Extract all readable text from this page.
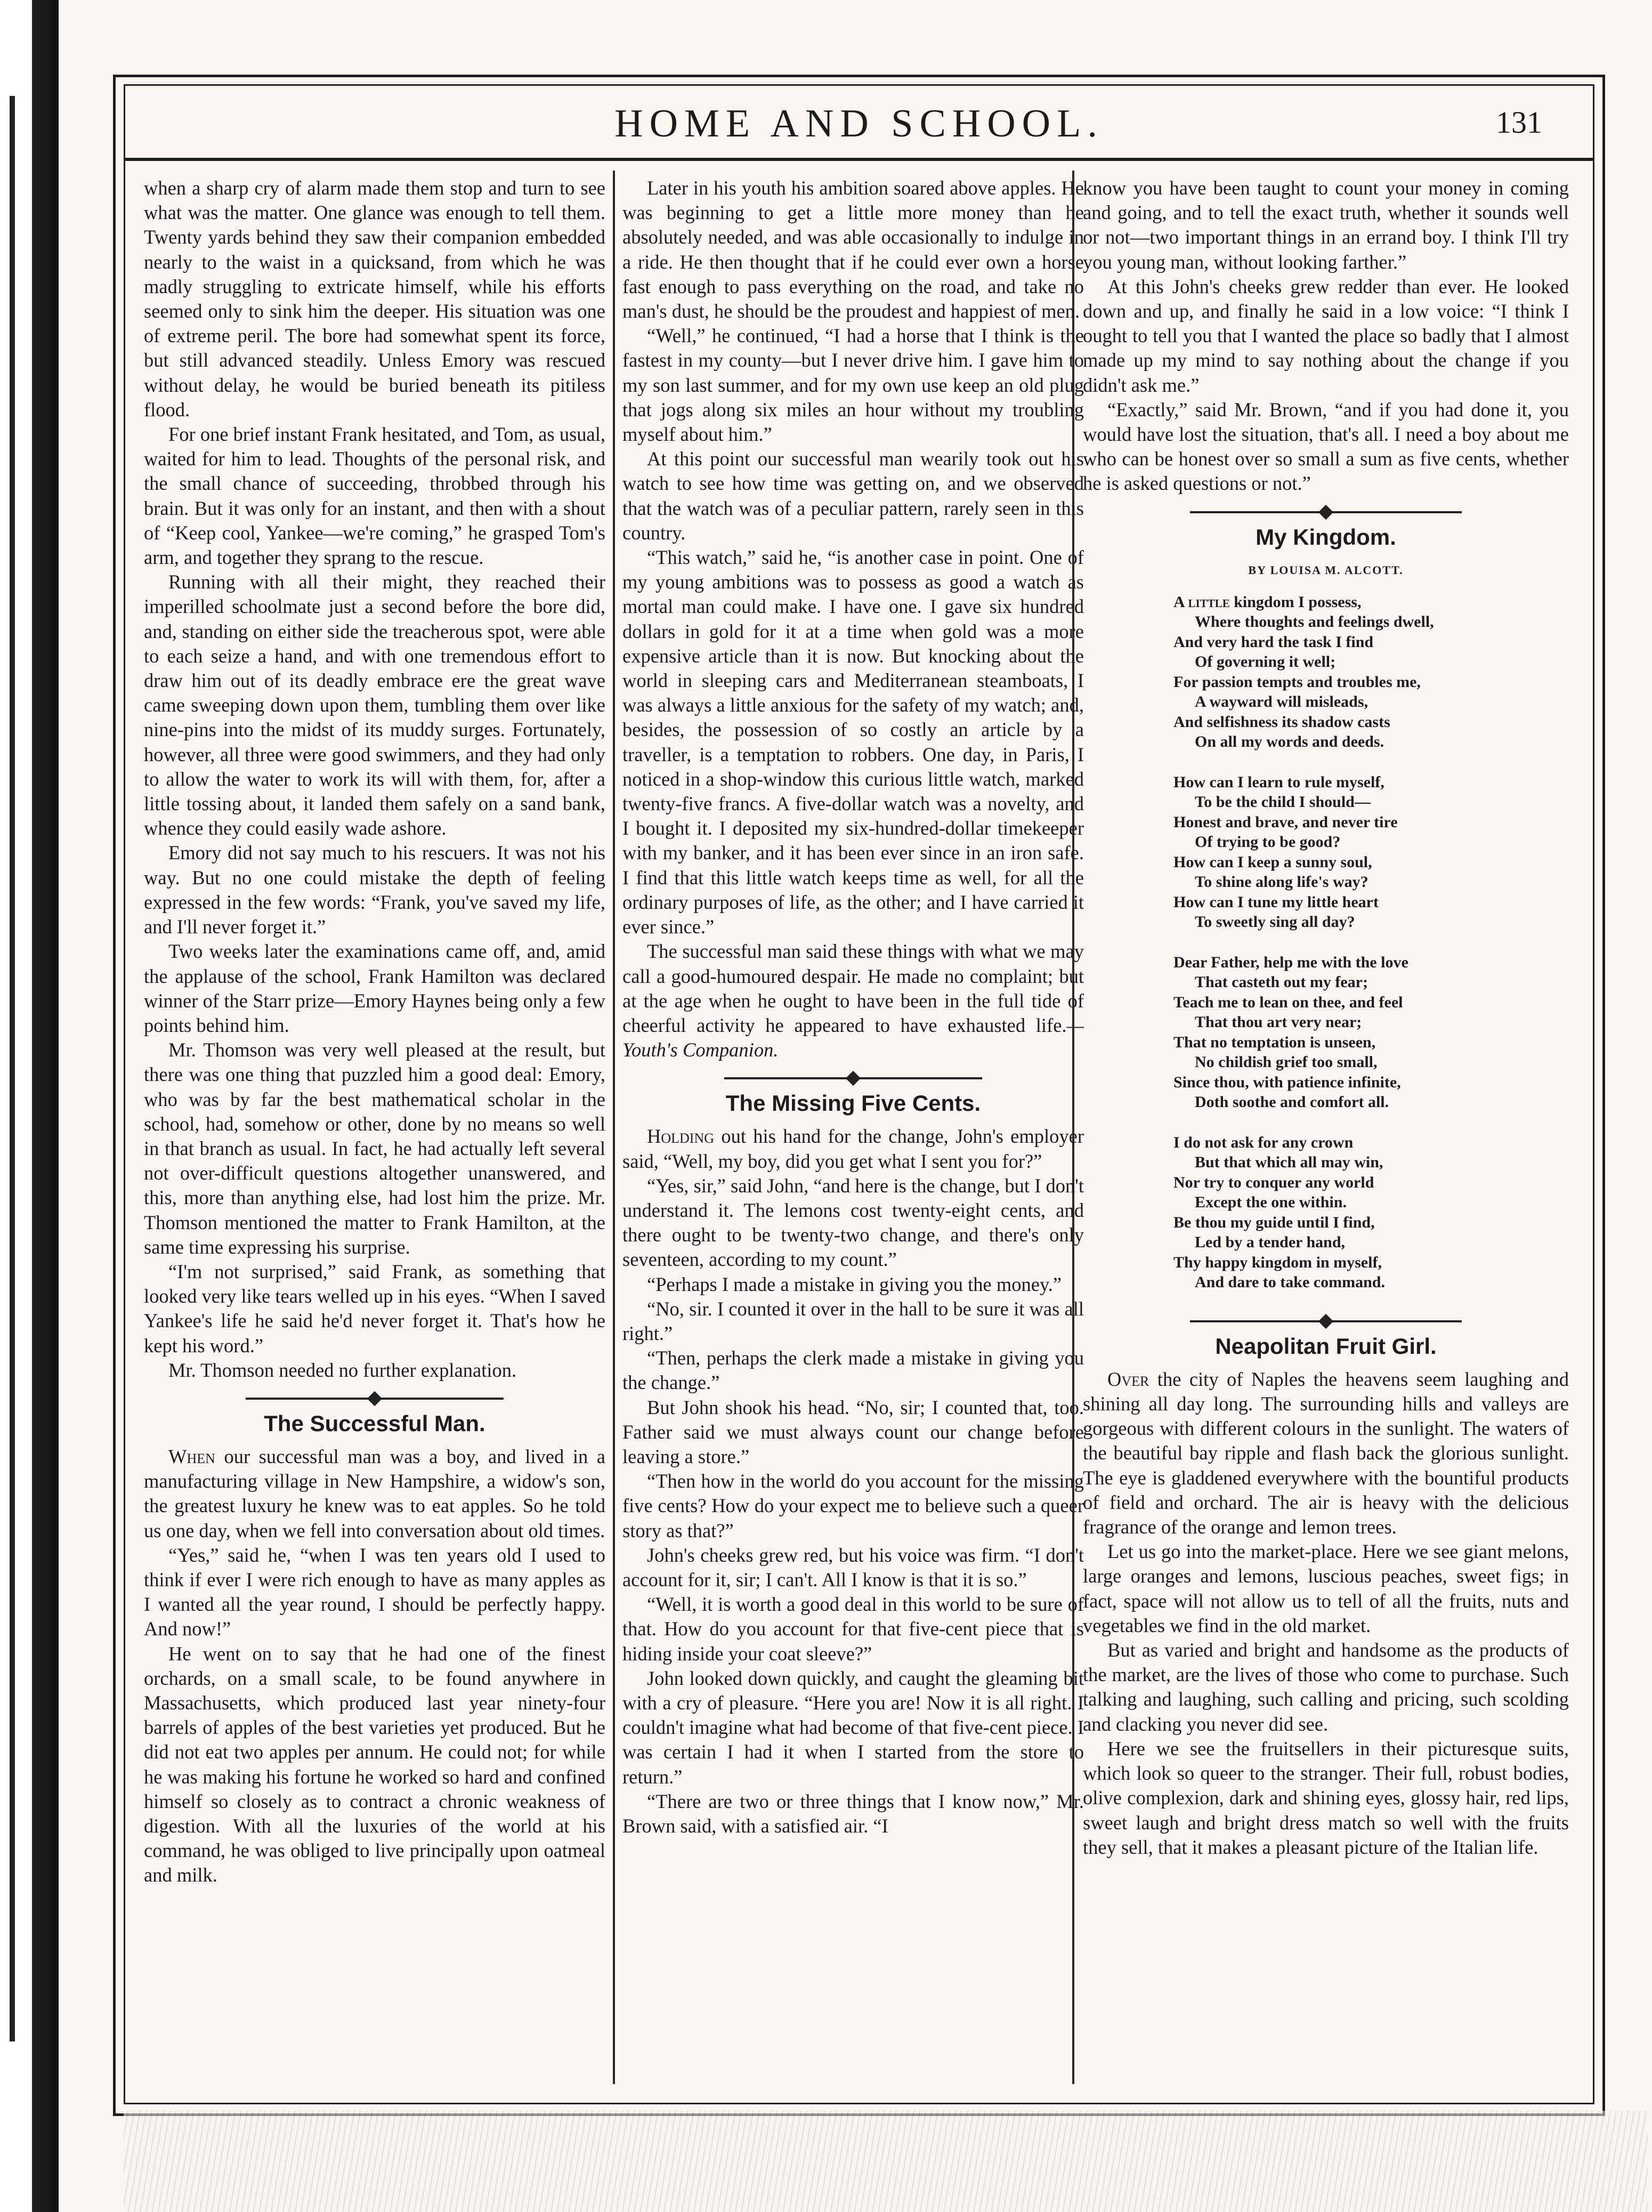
HOME AND SCHOOL.	131

when a sharp cry of alarm made them stop and turn to see what was the matter. One glance was enough to tell them. Twenty yards behind they saw their companion embedded nearly to the waist in a quicksand, from which he was madly struggling to extricate himself, while his efforts seemed only to sink him the deeper. His situation was one of extreme peril. The bore had somewhat spent its force, but still advanced steadily. Unless Emory was rescued without delay, he would be buried beneath its pitiless flood.

For one brief instant Frank hesitated, and Tom, as usual, waited for him to lead. Thoughts of the personal risk, and the small chance of succeeding, throbbed through his brain. But it was only for an instant, and then with a shout of “Keep cool, Yankee—we're coming,” he grasped Tom's arm, and together they sprang to the rescue.

Running with all their might, they reached their imperilled schoolmate just a second before the bore did, and, standing on either side the treacherous spot, were able to each seize a hand, and with one tremendous effort to draw him out of its deadly embrace ere the great wave came sweeping down upon them, tumbling them over like nine-pins into the midst of its muddy surges. Fortunately, however, all three were good swimmers, and they had only to allow the water to work its will with them, for, after a little tossing about, it landed them safely on a sand bank, whence they could easily wade ashore.

Emory did not say much to his rescuers. It was not his way. But no one could mistake the depth of feeling expressed in the few words: “Frank, you've saved my life, and I'll never forget it.”

Two weeks later the examinations came off, and, amid the applause of the school, Frank Hamilton was declared winner of the Starr prize—Emory Haynes being only a few points behind him.

Mr. Thomson was very well pleased at the result, but there was one thing that puzzled him a good deal: Emory, who was by far the best mathematical scholar in the school, had, somehow or other, done by no means so well in that branch as usual. In fact, he had actually left several not over-difficult questions altogether unanswered, and this, more than anything else, had lost him the prize. Mr. Thomson mentioned the matter to Frank Hamilton, at the same time expressing his surprise.

“I'm not surprised,” said Frank, as something that looked very like tears welled up in his eyes. “When I saved Yankee's life he said he'd never forget it. That's how he kept his word.”

Mr. Thomson needed no further explanation.

The Successful Man.

When our successful man was a boy, and lived in a manufacturing village in New Hampshire, a widow's son, the greatest luxury he knew was to eat apples. So he told us one day, when we fell into conversation about old times.

“Yes,” said he, “when I was ten years old I used to think if ever I were rich enough to have as many apples as I wanted all the year round, I should be perfectly happy. And now!”

He went on to say that he had one of the finest orchards, on a small scale, to be found anywhere in Massachusetts, which produced last year ninety-four barrels of apples of the best varieties yet produced. But he did not eat two apples per annum. He could not; for while he was making his fortune he worked so hard and confined himself so closely as to contract a chronic weakness of digestion. With all the luxuries of the world at his command, he was obliged to live principally upon oatmeal and milk.

Later in his youth his ambition soared above apples. He was beginning to get a little more money than he absolutely needed, and was able occasionally to indulge in a ride. He then thought that if he could ever own a horse fast enough to pass everything on the road, and take no man's dust, he should be the proudest and happiest of men.

“Well,” he continued, “I had a horse that I think is the fastest in my county—but I never drive him. I gave him to my son last summer, and for my own use keep an old plug that jogs along six miles an hour without my troubling myself about him.”

At this point our successful man wearily took out his watch to see how time was getting on, and we observed that the watch was of a peculiar pattern, rarely seen in this country.

“This watch,” said he, “is another case in point. One of my young ambitions was to possess as good a watch as mortal man could make. I have one. I gave six hundred dollars in gold for it at a time when gold was a more expensive article than it is now. But knocking about the world in sleeping cars and Mediterranean steamboats, I was always a little anxious for the safety of my watch; and, besides, the possession of so costly an article by a traveller, is a temptation to robbers. One day, in Paris, I noticed in a shop-window this curious little watch, marked twenty-five francs. A five-dollar watch was a novelty, and I bought it. I deposited my six-hundred-dollar timekeeper with my banker, and it has been ever since in an iron safe. I find that this little watch keeps time as well, for all the ordinary purposes of life, as the other; and I have carried it ever since.”

The successful man said these things with what we may call a good-humoured despair. He made no complaint; but at the age when he ought to have been in the full tide of cheerful activity he appeared to have exhausted life.—Youth's Companion.

The Missing Five Cents.

Holding out his hand for the change, John's employer said, “Well, my boy, did you get what I sent you for?”

“Yes, sir,” said John, “and here is the change, but I don't understand it. The lemons cost twenty-eight cents, and there ought to be twenty-two change, and there's only seventeen, according to my count.”

“Perhaps I made a mistake in giving you the money.”

“No, sir. I counted it over in the hall to be sure it was all right.”

“Then, perhaps the clerk made a mistake in giving you the change.”

But John shook his head. “No, sir; I counted that, too. Father said we must always count our change before leaving a store.”

“Then how in the world do you account for the missing five cents? How do your expect me to believe such a queer story as that?”

John's cheeks grew red, but his voice was firm. “I don't account for it, sir; I can't. All I know is that it is so.”

“Well, it is worth a good deal in this world to be sure of that. How do you account for that five-cent piece that is hiding inside your coat sleeve?”

John looked down quickly, and caught the gleaming bit with a cry of pleasure. “Here you are! Now it is all right. I couldn't imagine what had become of that five-cent piece. I was certain I had it when I started from the store to return.”

“There are two or three things that I know now,” Mr. Brown said, with a satisfied air. “I

know you have been taught to count your money in coming and going, and to tell the exact truth, whether it sounds well or not—two important things in an errand boy. I think I'll try you young man, without looking farther.”

At this John's cheeks grew redder than ever. He looked down and up, and finally he said in a low voice: “I think I ought to tell you that I wanted the place so badly that I almost made up my mind to say nothing about the change if you didn't ask me.”

“Exactly,” said Mr. Brown, “and if you had done it, you would have lost the situation, that's all. I need a boy about me who can be honest over so small a sum as five cents, whether he is asked questions or not.”

My Kingdom.
BY LOUISA M. ALCOTT.
A little kingdom I possess,
Where thoughts and feelings dwell,
And very hard the task I find
Of governing it well;
For passion tempts and troubles me,
A wayward will misleads,
And selfishness its shadow casts
On all my words and deeds.
How can I learn to rule myself,
To be the child I should—
Honest and brave, and never tire
Of trying to be good?
How can I keep a sunny soul,
To shine along life's way?
How can I tune my little heart
To sweetly sing all day?
Dear Father, help me with the love
That casteth out my fear;
Teach me to lean on thee, and feel
That thou art very near;
That no temptation is unseen,
No childish grief too small,
Since thou, with patience infinite,
Doth soothe and comfort all.
I do not ask for any crown
But that which all may win,
Nor try to conquer any world
Except the one within.
Be thou my guide until I find,
Led by a tender hand,
Thy happy kingdom in myself,
And dare to take command.
Neapolitan Fruit Girl.

Over the city of Naples the heavens seem laughing and shining all day long. The surrounding hills and valleys are gorgeous with different colours in the sunlight. The waters of the beautiful bay ripple and flash back the glorious sunlight. The eye is gladdened everywhere with the bountiful products of field and orchard. The air is heavy with the delicious fragrance of the orange and lemon trees.

Let us go into the market-place. Here we see giant melons, large oranges and lemons, luscious peaches, sweet figs; in fact, space will not allow us to tell of all the fruits, nuts and vegetables we find in the old market.

But as varied and bright and handsome as the products of the market, are the lives of those who come to purchase. Such talking and laughing, such calling and pricing, such scolding and clacking you never did see.

Here we see the fruitsellers in their picturesque suits, which look so queer to the stranger. Their full, robust bodies, olive complexion, dark and shining eyes, glossy hair, red lips, sweet laugh and bright dress match so well with the fruits they sell, that it makes a pleasant picture of the Italian life.
